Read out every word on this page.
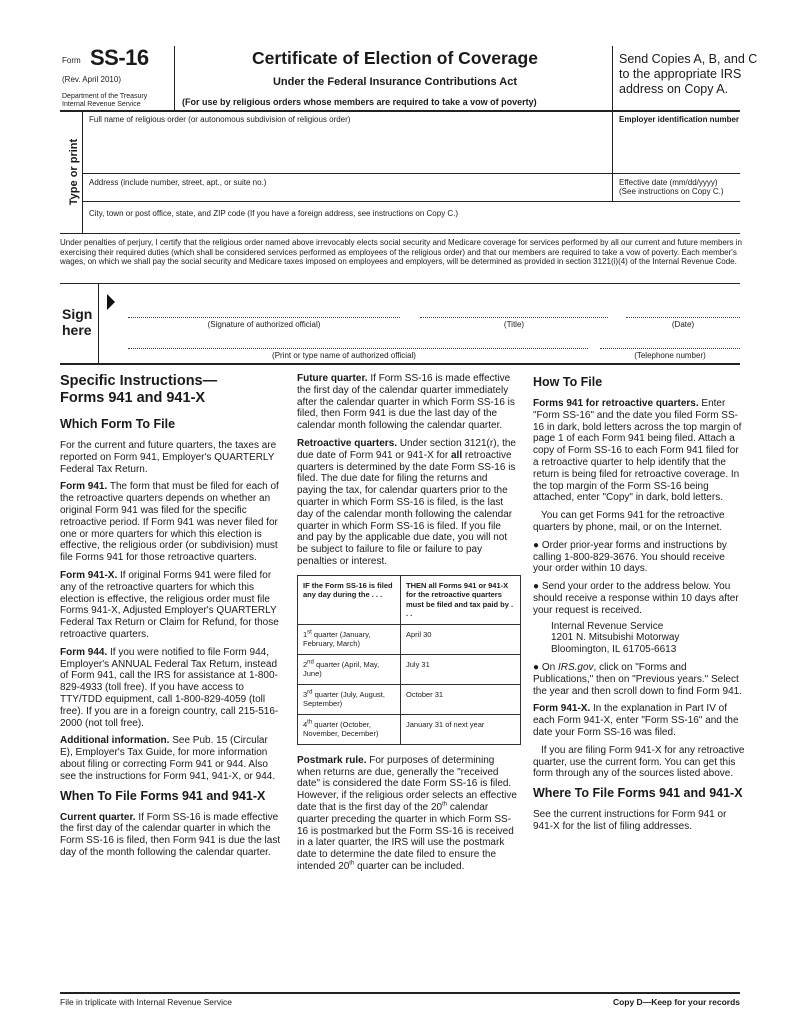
Form SS-16
(Rev. April 2010)
Department of the Treasury
Internal Revenue Service
Certificate of Election of Coverage
Under the Federal Insurance Contributions Act
(For use by religious orders whose members are required to take a vow of poverty)
Send Copies A, B, and C to the appropriate IRS address on Copy A.
Type or print
Full name of religious order (or autonomous subdivision of religious order)	Employer identification number
Address (include number, street, apt., or suite no.)	Effective date (mm/dd/yyyy)
(See instructions on Copy C.)
City, town or post office, state, and ZIP code (If you have a foreign address, see instructions on Copy C.)
Under penalties of perjury, I certify that the religious order named above irrevocably elects social security and Medicare coverage for services performed by all our current and future members in exercising their required duties (which shall be considered services performed as employees of the religious order) and that our members are required to take a vow of poverty. Each member's wages, on which we shall pay the social security and Medicare taxes imposed on employees and employers, will be determined as provided in section 3121(i)(4) of the Internal Revenue Code.
Sign
here	(Signature of authorized official)	(Title)	(Date)
(Print or type name of authorized official)	(Telephone number)
Specific Instructions—
Forms 941 and 941-X
Which Form To File

For the current and future quarters, the taxes are reported on Form 941, Employer's QUARTERLY Federal Tax Return.

Form 941. The form that must be filed for each of the retroactive quarters depends on whether an original Form 941 was filed for the specific retroactive period. If Form 941 was never filed for one or more quarters for which this election is effective, the religious order (or subdivision) must file Forms 941 for those retroactive quarters.

Form 941-X. If original Forms 941 were filed for any of the retroactive quarters for which this election is effective, the religious order must file Forms 941-X, Adjusted Employer's QUARTERLY Federal Tax Return or Claim for Refund, for those retroactive quarters.

Form 944. If you were notified to file Form 944, Employer's ANNUAL Federal Tax Return, instead of Form 941, call the IRS for assistance at 1-800-829-4933 (toll free). If you have access to TTY/TDD equipment, call 1-800-829-4059 (toll free). If you are in a foreign country, call 215-516-2000 (not toll free).

Additional information. See Pub. 15 (Circular E), Employer's Tax Guide, for more information about filing or correcting Form 941 or 944. Also see the instructions for Form 941, 941-X, or 944.

When To File Forms 941 and 941-X

Current quarter. If Form SS-16 is made effective the first day of the calendar quarter in which the Form SS-16 is filed, then Form 941 is due the last day of the month following the calendar quarter.

Future quarter. If Form SS-16 is made effective the first day of the calendar quarter immediately after the calendar quarter in which Form SS-16 is filed, then Form 941 is due the last day of the calendar month following the calendar quarter.

Retroactive quarters. Under section 3121(r), the due date of Form 941 or 941-X for all retroactive quarters is determined by the date Form SS-16 is filed. The due date for filing the returns and paying the tax, for calendar quarters prior to the quarter in which Form SS-16 is filed, is the last day of the calendar month following the calendar quarter in which Form SS-16 is filed. If you file and pay by the applicable due date, you will not be subject to failure to file or failure to pay penalties or interest.

IF the Form SS-16 is filed any day during the . . .	THEN all Forms 941 or 941-X for the retroactive quarters must be filed and tax paid by . . .
1st quarter (January, February, March)	April 30
2nd quarter (April, May, June)	July 31
3rd quarter (July, August, September)	October 31
4th quarter (October, November, December)	January 31 of next year

Postmark rule. For purposes of determining when returns are due, generally the "received date" is considered the date Form SS-16 is filed. However, if the religious order selects an effective date that is the first day of the 20th calendar quarter preceding the quarter in which Form SS-16 is postmarked but the Form SS-16 is received in a later quarter, the IRS will use the postmark date to determine the date filed to ensure the intended 20th quarter can be included.

How To File

Forms 941 for retroactive quarters. Enter "Form SS-16" and the date you filed Form SS-16 in dark, bold letters across the top margin of page 1 of each Form 941 being filed. Attach a copy of Form SS-16 to each Form 941 filed for a retroactive quarter to help identify that the return is being filed for retroactive coverage. In the top margin of the Form SS-16 being attached, enter "Copy" in dark, bold letters.

You can get Forms 941 for the retroactive quarters by phone, mail, or on the Internet.

● Order prior-year forms and instructions by calling 1-800-829-3676. You should receive your order within 10 days.

● Send your order to the address below. You should receive a response within 10 days after your request is received.

Internal Revenue Service
1201 N. Mitsubishi Motorway
Bloomington, IL 61705-6613

● On IRS.gov, click on "Forms and Publications," then on "Previous years." Select the year and then scroll down to find Form 941.

Form 941-X. In the explanation in Part IV of each Form 941-X, enter "Form SS-16" and the date your Form SS-16 was filed.

If you are filing Form 941-X for any retroactive quarter, use the current form. You can get this form through any of the sources listed above.

Where To File Forms 941 and 941-X

See the current instructions for Form 941 or 941-X for the list of filing addresses.

File in triplicate with Internal Revenue Service	Copy D—Keep for your records
